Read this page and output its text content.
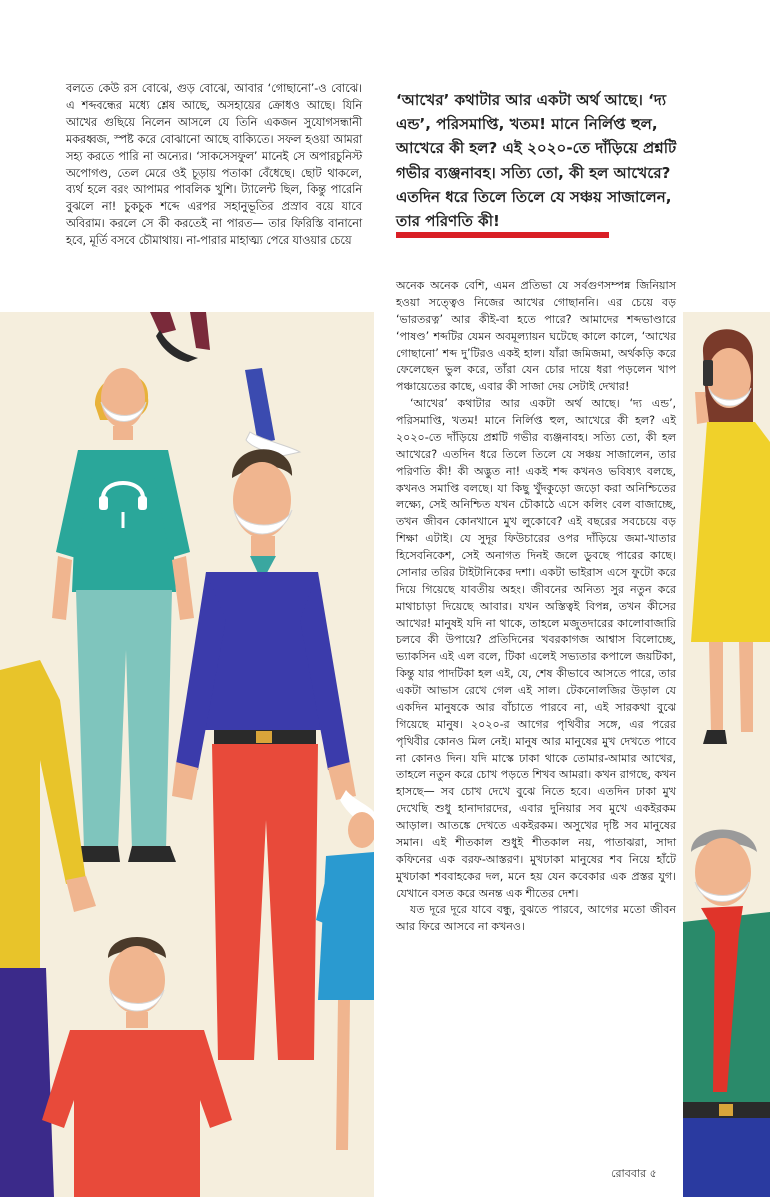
বলতে কেউ রস বোঝে, গুড় বোঝে, আবার ‘গোছানো’-ও বোঝে। এ শব্দবন্ধের মধ্যে শ্লেষ আছে, অসহায়ের ক্রোধও আছে। যিনি আখের গুছিয়ে নিলেন আসলে যে তিনি একজন সুযোগসন্ধানী মকরধ্বজ, স্পষ্ট করে বোঝানো আছে বাক্যিতে। সফল হওয়া আমরা সহ্য করতে পারি না অন্যের। ‘সাকসেসফুল’ মানেই সে অপারচুনিস্ট অপোগণ্ড, তেল মেরে ওই চূড়ায় পতাকা বেঁধেছে। ছোট থাকলে, ব্যর্থ হলে বরং আপামর পাবলিক খুশি। ট্যালেন্ট ছিল, কিন্তু পারেনি বুঝলে না! চুকচুক শব্দে এরপর সহানুভূতির প্রস্রাব বয়ে যাবে অবিরাম। করলে সে কী করতেই না পারত— তার ফিরিস্তি বানানো হবে, মূর্তি বসবে চৌমাথায়। না-পারার মাহাত্ম্য পেরে যাওয়ার চেয়ে

‘আখের’ কথাটার আর একটা অর্থ আছে। ‘দ্য এন্ড’, পরিসমাপ্তি, খতম! মানে নির্লিপ্ত হুল, আখেরে কী হল? এই ২০২০-তে দাঁড়িয়ে প্রশ্নটি গভীর ব্যঞ্জনাবহ। সত্যি তো, কী হল আখেরে? এতদিন ধরে তিলে তিলে যে সঞ্চয় সাজালেন, তার পরিণতি কী!

অনেক অনেক বেশি, এমন প্রতিভা যে সর্বগুণসম্পন্ন জিনিয়াস হওয়া সত্ত্বেও নিজের আখের গোছাননি। এর চেয়ে বড় ‘ভারতরত্ন’ আর কীই-বা হতে পারে? আমাদের শব্দভাণ্ডারে ‘পাষণ্ড’ শব্দটির যেমন অবমূল্যায়ন ঘটেছে কালে কালে, ‘আখের গোছানো’ শব্দ দু’টিরও একই হাল। যাঁরা জমিজমা, অর্থকড়ি করে ফেলেছেন ভুল করে, তাঁরা যেন চোর দায়ে ধরা পড়লেন খাপ পঞ্চায়েতের কাছে, এবার কী সাজা দেয় সেটাই দেখার!

‘আখের’ কথাটার আর একটা অর্থ আছে। ‘দ্য এন্ড’, পরিসমাপ্তি, খতম! মানে নির্লিপ্ত হুল, আখেরে কী হল? এই ২০২০-তে দাঁড়িয়ে প্রশ্নটি গভীর ব্যঞ্জনাবহ। সত্যি তো, কী হল আখেরে? এতদিন ধরে তিলে তিলে যে সঞ্চয় সাজালেন, তার পরিণতি কী! কী অদ্ভুত না! একই শব্দ কখনও ভবিষ্যৎ বলছে, কখনও সমাপ্তি বলছে। যা কিছু খুঁদকুড়ো জড়ো করা অনিশ্চিতের লক্ষ্যে, সেই অনিশ্চিত যখন চৌকাঠে এসে কলিং বেল বাজাচ্ছে, তখন জীবন কোনখানে মুখ লুকোবে? এই বছরের সবচেয়ে বড় শিক্ষা এটাই। যে সুদূর ফিউচারের ওপর দাঁড়িয়ে জমা-খাতার হিসেবনিকেশ, সেই অনাগত দিনই জলে ডুবছে পারের কাছে। সোনার তরির টাইটানিকের দশা। একটা ভাইরাস এসে ফুটো করে দিয়ে গিয়েছে যাবতীয় অহং। জীবনের অনিত্য সুর নতুন করে মাথাচাড়া দিয়েছে আবার। যখন অস্তিত্বই বিপন্ন, তখন কীসের আখের! মানুষই যদি না থাকে, তাহলে মজুতদারের কালোবাজারি চলবে কী উপায়ে? প্রতিদিনের খবরকাগজ আশ্বাস বিলোচ্ছে, ভ্যাকসিন এই এল বলে, টিকা এলেই সভ্যতার কপালে জয়টিকা, কিন্তু যার পাদটিকা হল এই, যে, শেষ কীভাবে আসতে পারে, তার একটা আভাস রেখে গেল এই সাল। টেকনোলজির উড়াল যে একদিন মানুষকে আর বাঁচাতে পারবে না, এই সারকথা বুঝে গিয়েছে মানুষ। ২০২০-র আগের পৃথিবীর সঙ্গে, এর পরের পৃথিবীর কোনও মিল নেই। মানুষ আর মানুষের মুখ দেখতে পাবে না কোনও দিন। যদি মাস্কে ঢাকা থাকে তোমার-আমার আখের, তাহলে নতুন করে চোখ পড়তে শিখব আমরা। কখন রাগছে, কখন হাসছে— সব চোখ দেখে বুঝে নিতে হবে। এতদিন ঢাকা মুখ দেখেছি শুধু হানাদারদের, এবার দুনিয়ার সব মুখে একইরকম আড়াল। আতঙ্কে দেখতে একইরকম। অসুখের দৃষ্টি সব মানুষের সমান। এই শীতকাল শুধুই শীতকাল নয়, পাতাঝরা, সাদা কফিনের এক বরফ-আস্তরণ। মুখঢাকা মানুষের শব নিয়ে হাঁটে মুখঢাকা শববাহকের দল, মনে হয় যেন কবেকার এক প্রস্তর যুগ। যেখানে বসত করে অনন্ত এক শীতের দেশ।

যত দূরে দূরে যাবে বন্ধু, বুঝতে পারবে, আগের মতো জীবন আর ফিরে আসবে না কখনও।

রোববার ৫
